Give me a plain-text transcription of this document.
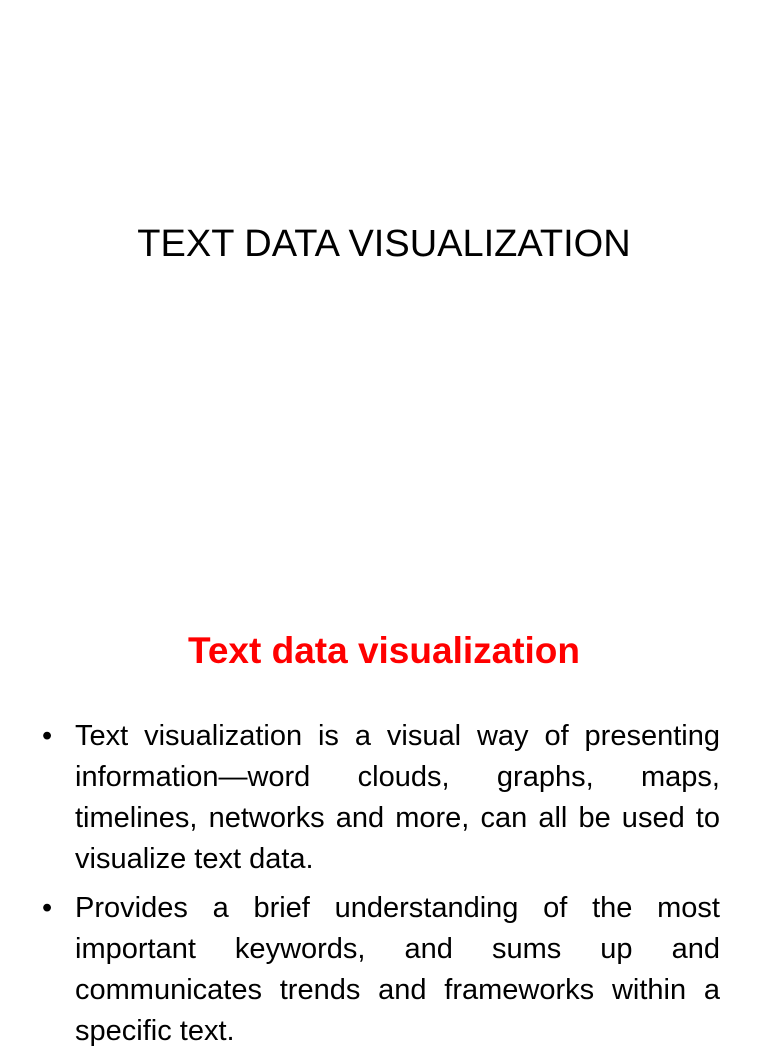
TEXT DATA VISUALIZATION
Text data visualization
• Text visualization is a visual way of presenting information—word clouds, graphs, maps, timelines, networks and more, can all be used to visualize text data.
• Provides a brief understanding of the most important keywords, and sums up and communicates trends and frameworks within a specific text.
